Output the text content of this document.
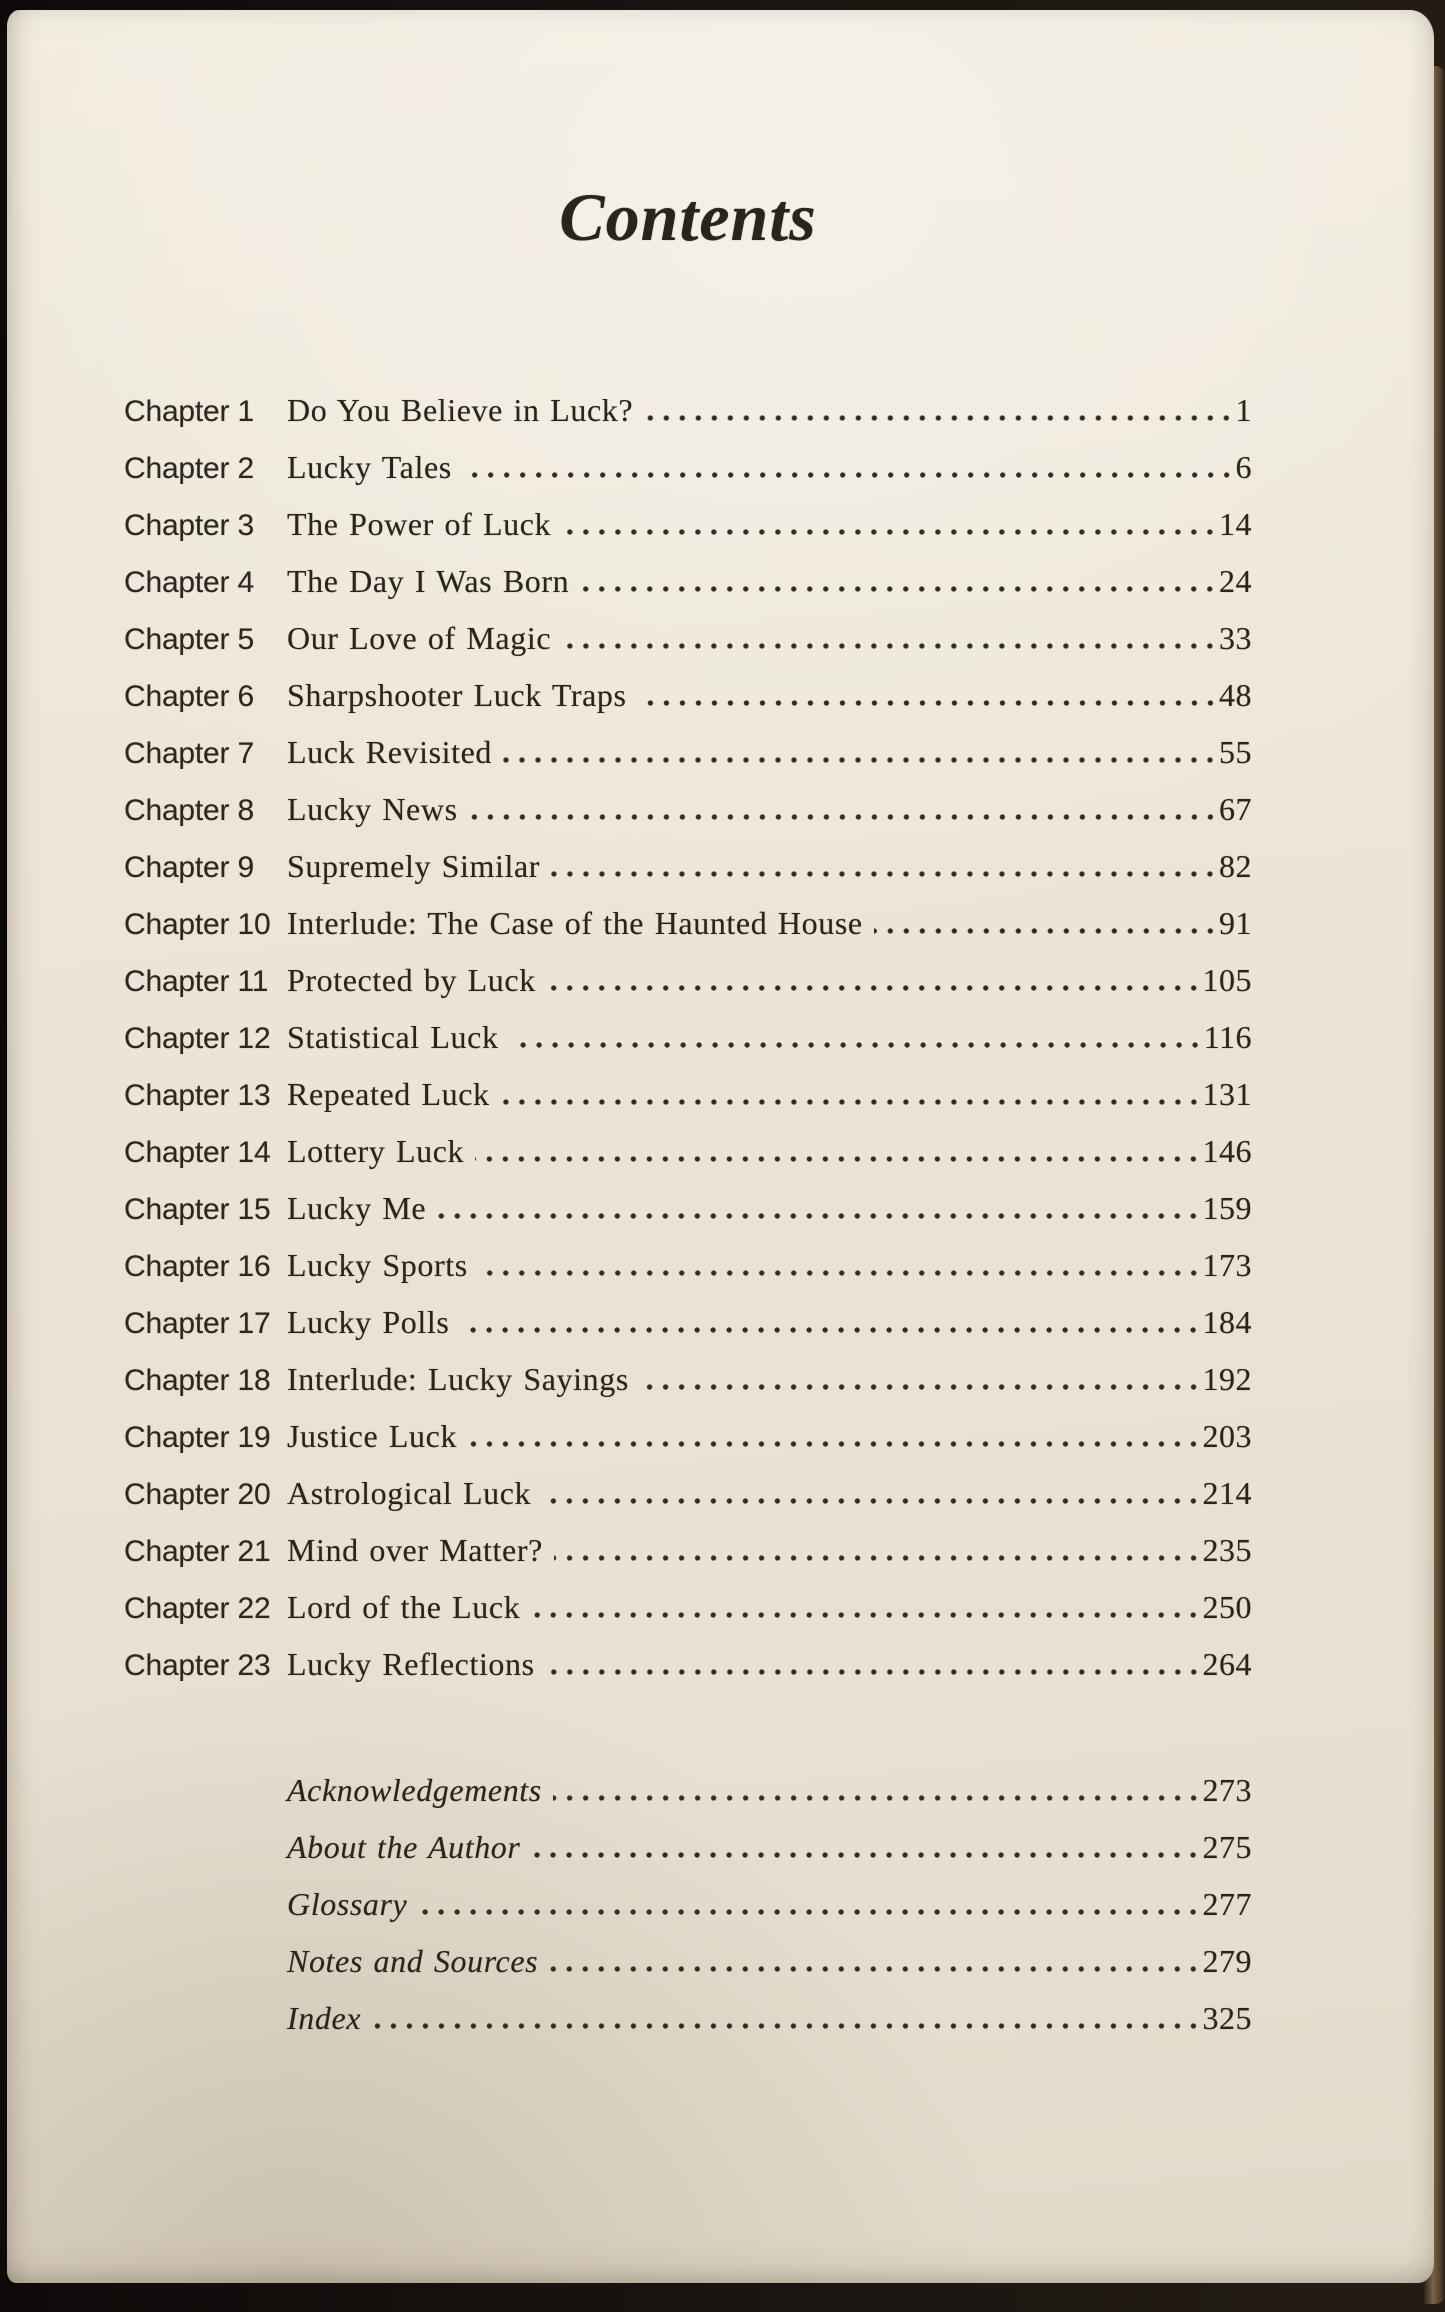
Contents
Chapter 1	Do You Believe in Luck?	1
Chapter 2	Lucky Tales	6
Chapter 3	The Power of Luck	14
Chapter 4	The Day I Was Born	24
Chapter 5	Our Love of Magic	33
Chapter 6	Sharpshooter Luck Traps	48
Chapter 7	Luck Revisited	55
Chapter 8	Lucky News	67
Chapter 9	Supremely Similar	82
Chapter 10 Interlude: The Case of the Haunted House	91
Chapter 11 Protected by Luck	105
Chapter 12 Statistical Luck	116
Chapter 13 Repeated Luck	131
Chapter 14 Lottery Luck	146
Chapter 15 Lucky Me	159
Chapter 16 Lucky Sports	173
Chapter 17 Lucky Polls	184
Chapter 18 Interlude: Lucky Sayings	192
Chapter 19 Justice Luck	203
Chapter 20 Astrological Luck	214
Chapter 21 Mind over Matter?	235
Chapter 22 Lord of the Luck	250
Chapter 23 Lucky Reflections	264
Acknowledgements	273
About the Author	275
Glossary	277
Notes and Sources	279
Index	325
